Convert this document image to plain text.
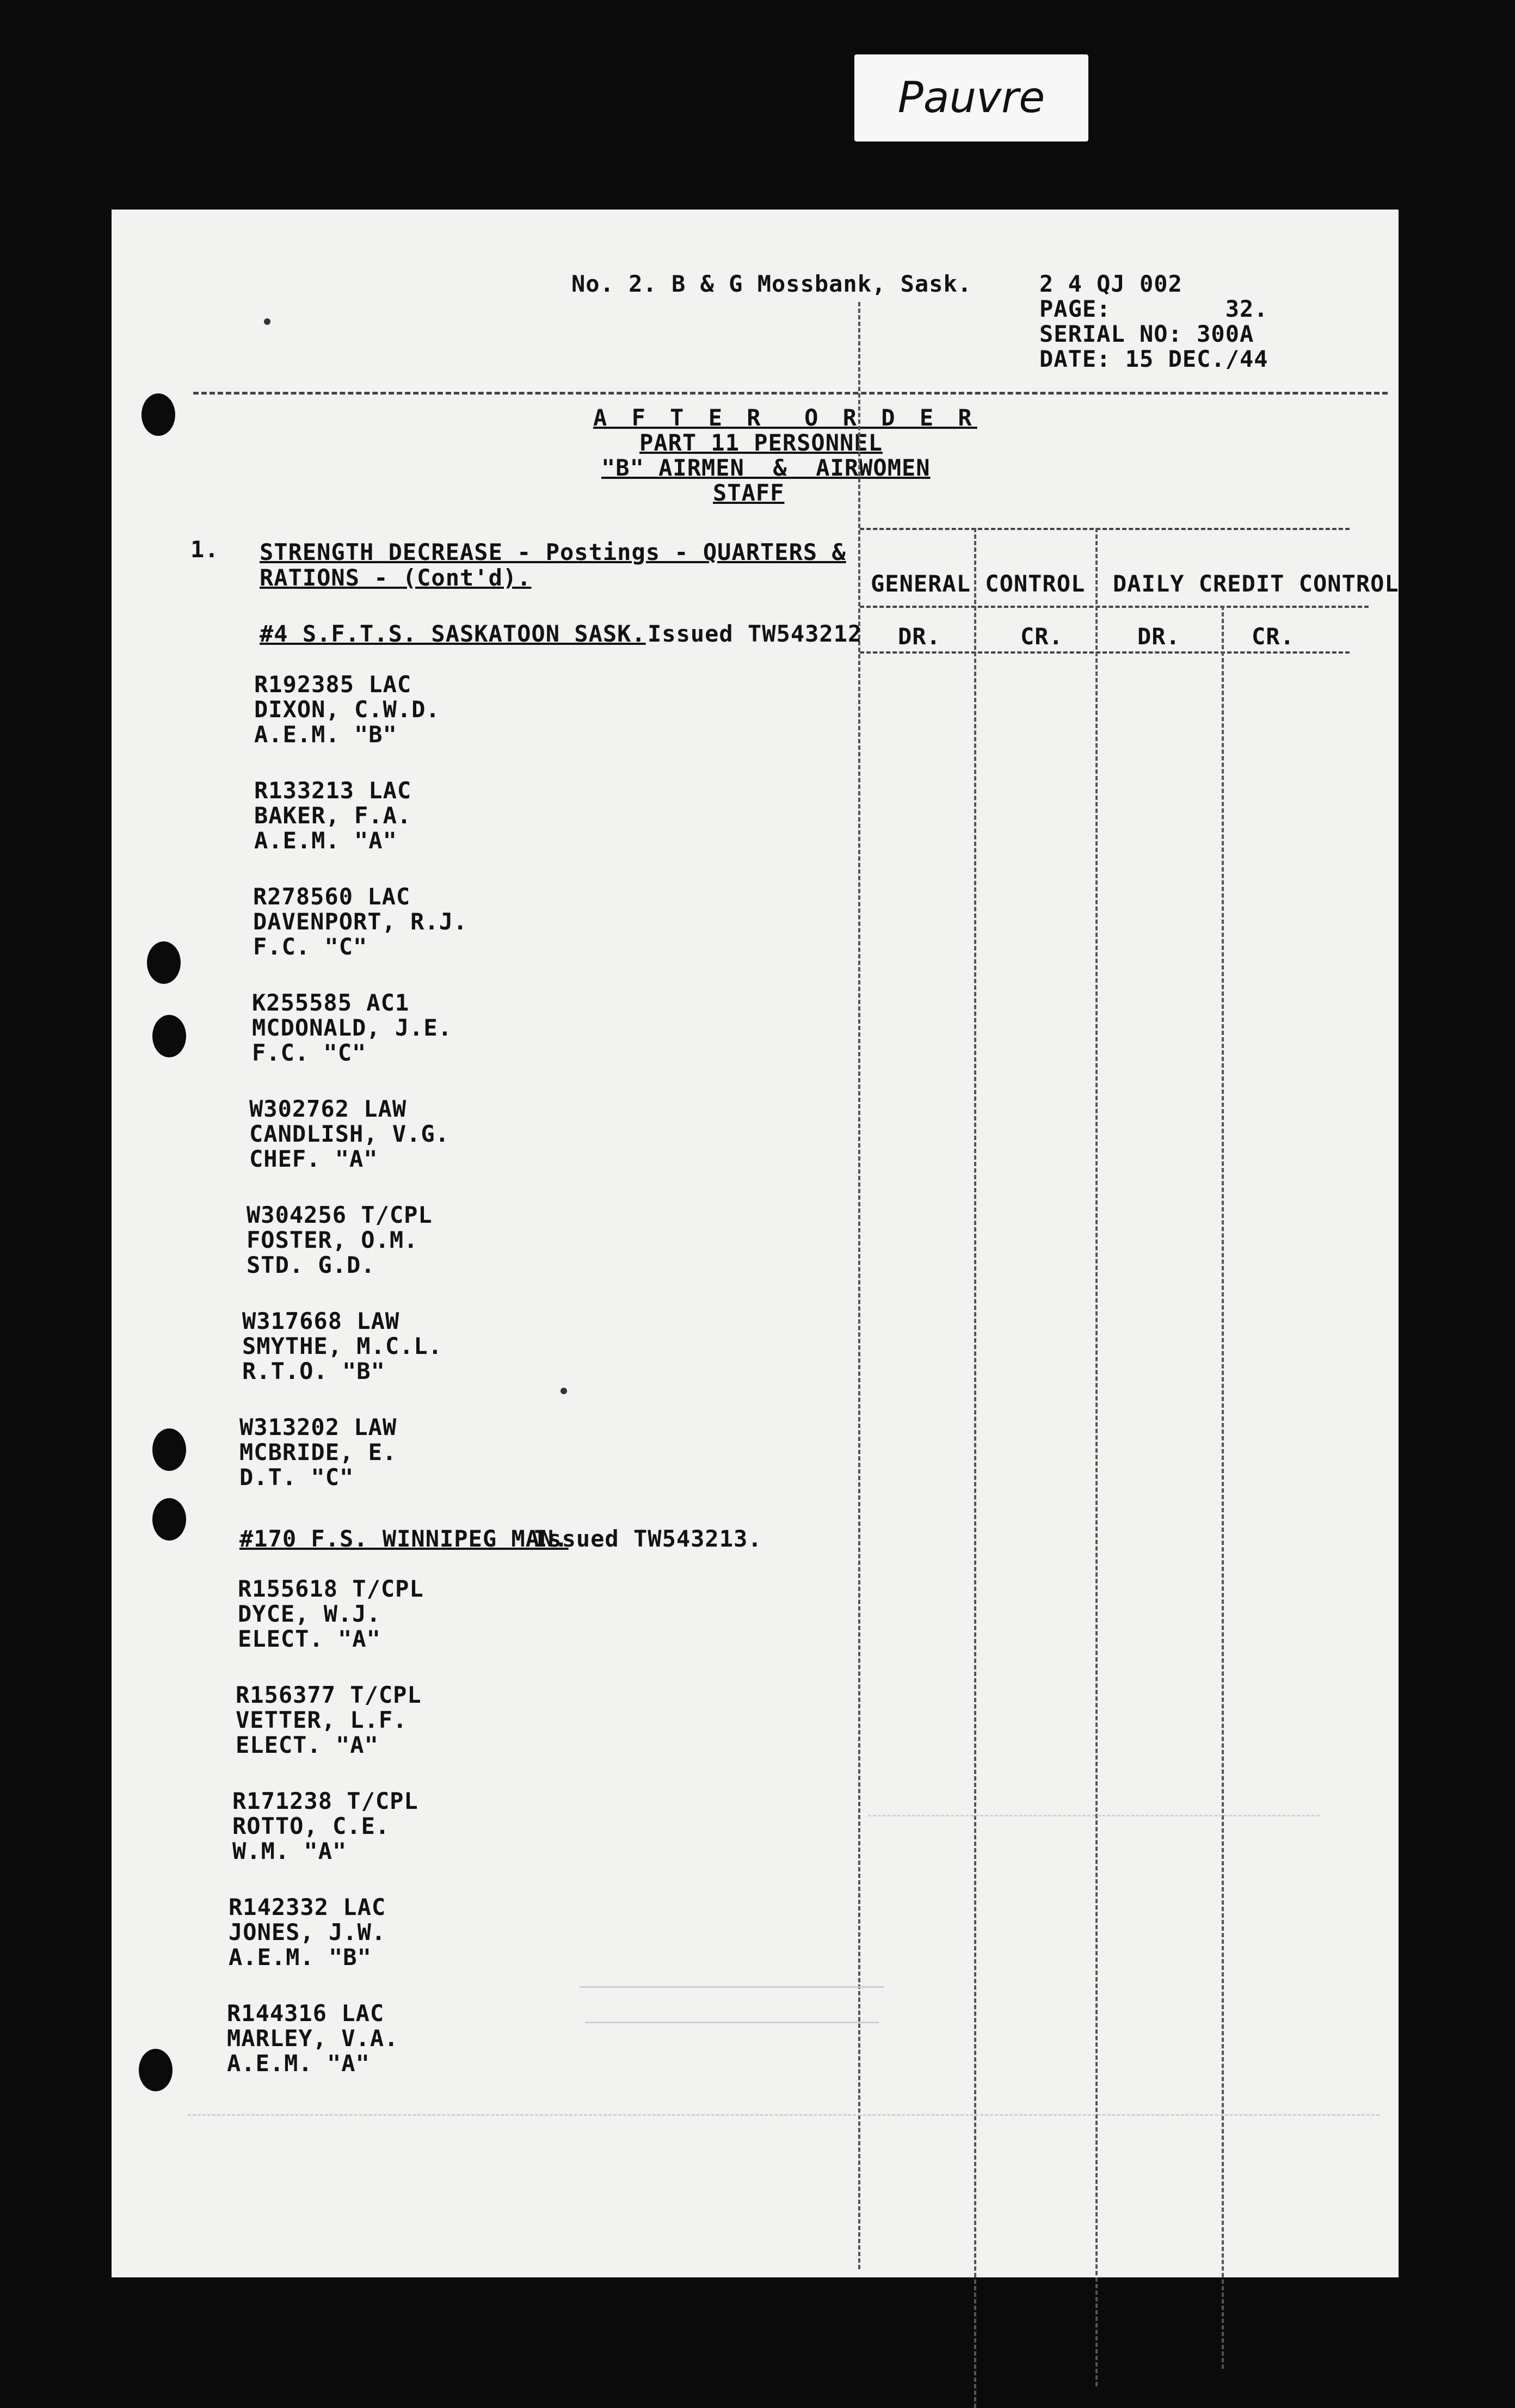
Pauvre
No. 2. B & G Mossbank, Sask.	2 4 QJ 002
PAGE:        32.
SERIAL NO: 300A
DATE: 15 DEC./44
A F T E R  O R D E R
PART 11 PERSONNEL
"B" AIRMEN  &  AIRWOMEN
STAFF
1. STRENGTH DECREASE - Postings - QUARTERS &
RATIONS - (Cont'd).	GENERAL CONTROL DAILY CREDIT CONTROL
DR.	CR.	DR.	CR.
#4 S.F.T.S. SASKATOON SASK. Issued TW543212
R192385 LAC
DIXON, C.W.D.
A.E.M. "B"
R133213 LAC
BAKER, F.A.
A.E.M. "A"
R278560 LAC
DAVENPORT, R.J.
F.C. "C"
K255585 AC1
MCDONALD, J.E.
F.C. "C"
W302762 LAW
CANDLISH, V.G.
CHEF. "A"
W304256 T/CPL
FOSTER, O.M.
STD. G.D.
W317668 LAW
SMYTHE, M.C.L.
R.T.O. "B"
W313202 LAW
MCBRIDE, E.
D.T. "C"
#170 F.S. WINNIPEG MAN.
Issued TW543213.
R155618 T/CPL
DYCE, W.J.
ELECT. "A"
R156377 T/CPL
VETTER, L.F.
ELECT. "A"
R171238 T/CPL
ROTTO, C.E.
W.M. "A"
R142332 LAC
JONES, J.W.
A.E.M. "B"
R144316 LAC
MARLEY, V.A.
A.E.M. "A"
